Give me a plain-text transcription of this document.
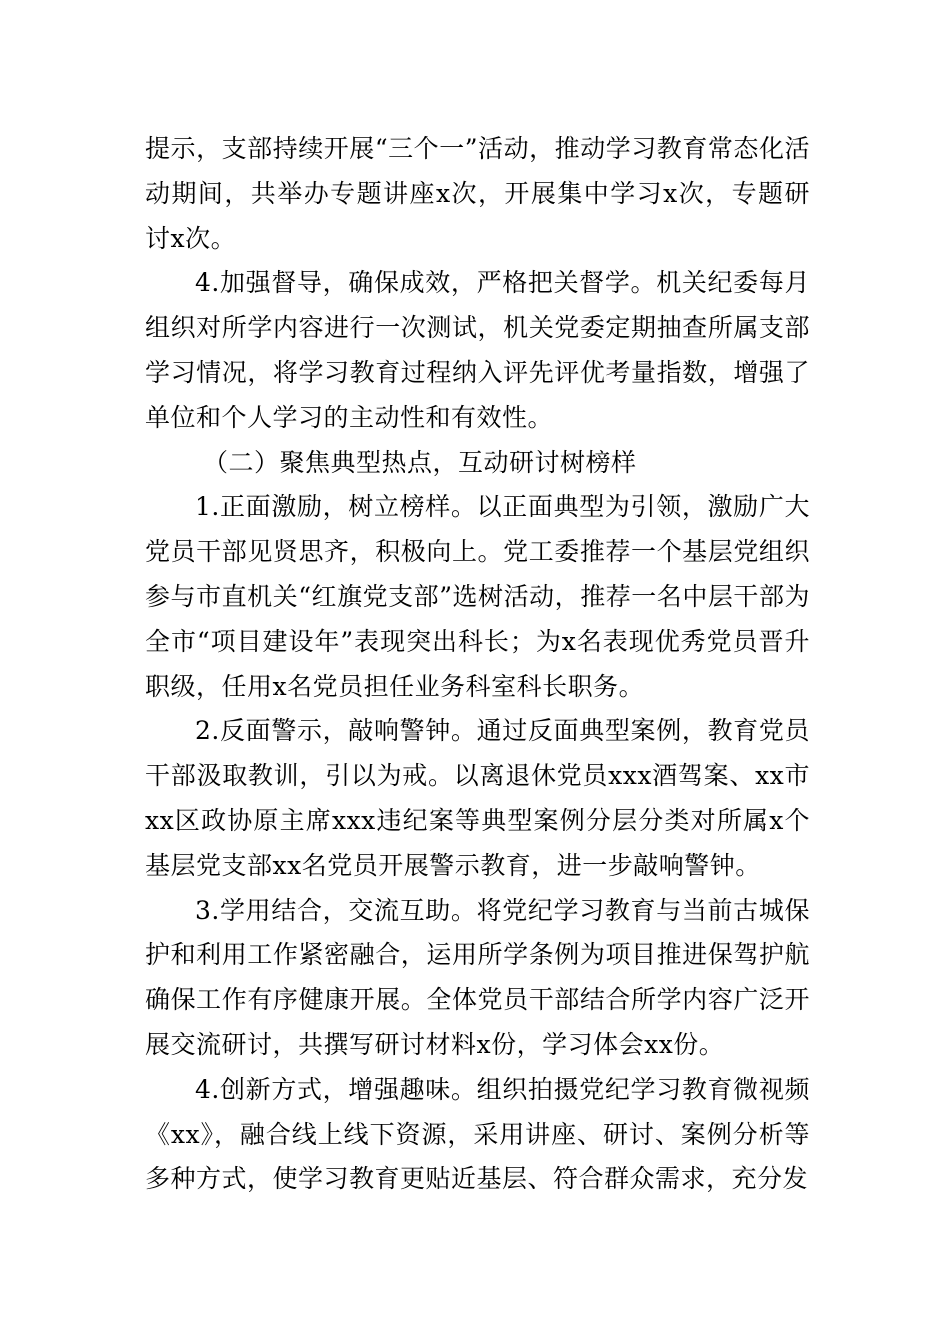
提示，支部持续开展“三个一”活动，推动学习教育常态化活动期间，共举办专题讲座x次，开展集中学习x次，专题研讨x次。

4.加强督导，确保成效，严格把关督学。机关纪委每月组织对所学内容进行一次测试，机关党委定期抽查所属支部学习情况，将学习教育过程纳入评先评优考量指数，增强了单位和个人学习的主动性和有效性。

（二）聚焦典型热点，互动研讨树榜样

1.正面激励，树立榜样。以正面典型为引领，激励广大党员干部见贤思齐，积极向上。党工委推荐一个基层党组织参与市直机关“红旗党支部”选树活动，推荐一名中层干部为全市“项目建设年”表现突出科长；为x名表现优秀党员晋升职级，任用x名党员担任业务科室科长职务。

2.反面警示，敲响警钟。通过反面典型案例，教育党员干部汲取教训，引以为戒。以离退休党员xxx酒驾案、xx市xx区政协原主席xxx违纪案等典型案例分层分类对所属x个基层党支部xx名党员开展警示教育，进一步敲响警钟。

3.学用结合，交流互助。将党纪学习教育与当前古城保护和利用工作紧密融合，运用所学条例为项目推进保驾护航确保工作有序健康开展。全体党员干部结合所学内容广泛开展交流研讨，共撰写研讨材料x份，学习体会xx份。

4.创新方式，增强趣味。组织拍摄党纪学习教育微视频《xx》，融合线上线下资源，采用讲座、研讨、案例分析等多种方式，使学习教育更贴近基层、符合群众需求，充分发
